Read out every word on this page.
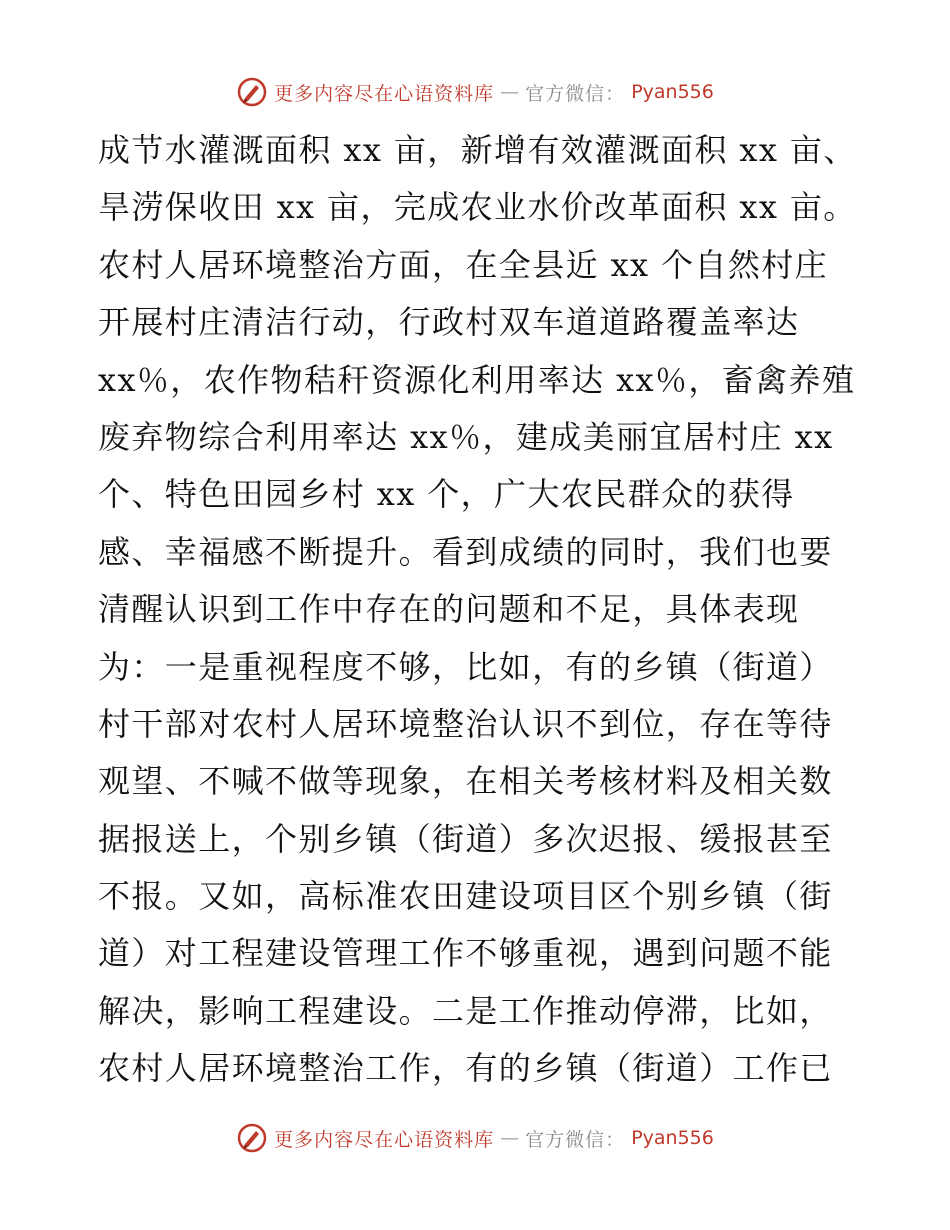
更多内容尽在心语资料库 — 官方微信： Pyan556
成节水灌溉面积 xx 亩，新增有效灌溉面积 xx 亩、
旱涝保收田 xx 亩，完成农业水价改革面积 xx 亩。
农村人居环境整治方面，在全县近 xx 个自然村庄
开展村庄清洁行动，行政村双车道道路覆盖率达
xx％，农作物秸秆资源化利用率达 xx％，畜禽养殖
废弃物综合利用率达 xx％，建成美丽宜居村庄 xx
个、特色田园乡村 xx 个，广大农民群众的获得
感、幸福感不断提升。看到成绩的同时，我们也要
清醒认识到工作中存在的问题和不足，具体表现
为：一是重视程度不够，比如，有的乡镇（街道）
村干部对农村人居环境整治认识不到位，存在等待
观望、不喊不做等现象，在相关考核材料及相关数
据报送上，个别乡镇（街道）多次迟报、缓报甚至
不报。又如，高标准农田建设项目区个别乡镇（街
道）对工程建设管理工作不够重视，遇到问题不能
解决，影响工程建设。二是工作推动停滞，比如，
农村人居环境整治工作，有的乡镇（街道）工作已
更多内容尽在心语资料库 — 官方微信： Pyan556
